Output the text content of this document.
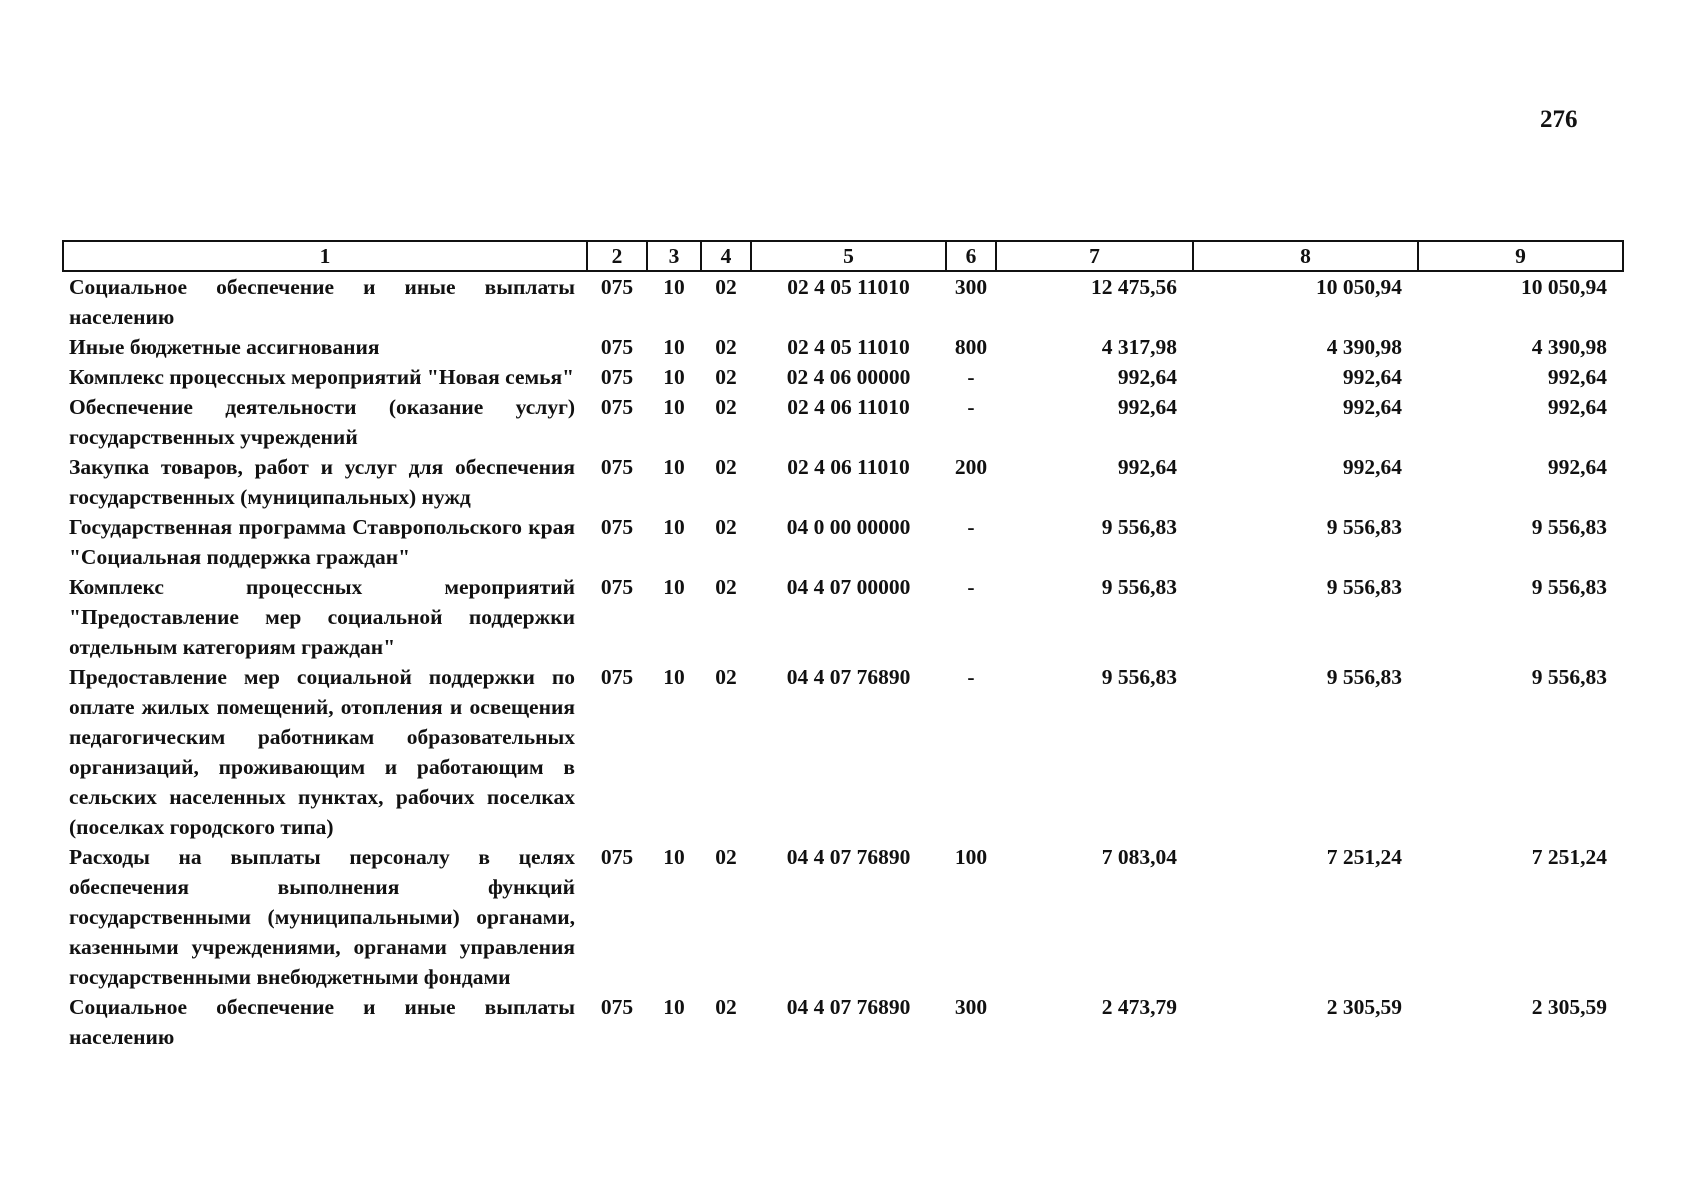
276
1	2	3	4	5	6	7	8	9
Социальное обеспечение и иные выплаты населению	075	10	02	02 4 05 11010	300	12 475,56	10 050,94	10 050,94
Иные бюджетные ассигнования	075	10	02	02 4 05 11010	800	4 317,98	4 390,98	4 390,98
Комплекс процессных мероприятий "Новая семья"	075	10	02	02 4 06 00000	-	992,64	992,64	992,64
Обеспечение деятельности (оказание услуг) государственных учреждений	075	10	02	02 4 06 11010	-	992,64	992,64	992,64
Закупка товаров, работ и услуг для обеспечения государственных (муниципальных) нужд	075	10	02	02 4 06 11010	200	992,64	992,64	992,64
Государственная программа Ставропольского края "Социальная поддержка граждан"	075	10	02	04 0 00 00000	-	9 556,83	9 556,83	9 556,83
Комплекс процессных мероприятий "Предоставление мер социальной поддержки отдельным категориям граждан"	075	10	02	04 4 07 00000	-	9 556,83	9 556,83	9 556,83
Предоставление мер социальной поддержки по оплате жилых помещений, отопления и освещения педагогическим работникам образовательных организаций, проживающим и работающим в сельских населенных пунктах, рабочих поселках (поселках городского типа)	075	10	02	04 4 07 76890	-	9 556,83	9 556,83	9 556,83
Расходы на выплаты персоналу в целях обеспечения выполнения функций государственными (муниципальными) органами, казенными учреждениями, органами управления государственными внебюджетными фондами	075	10	02	04 4 07 76890	100	7 083,04	7 251,24	7 251,24
Социальное обеспечение и иные выплаты населению	075	10	02	04 4 07 76890	300	2 473,79	2 305,59	2 305,59
